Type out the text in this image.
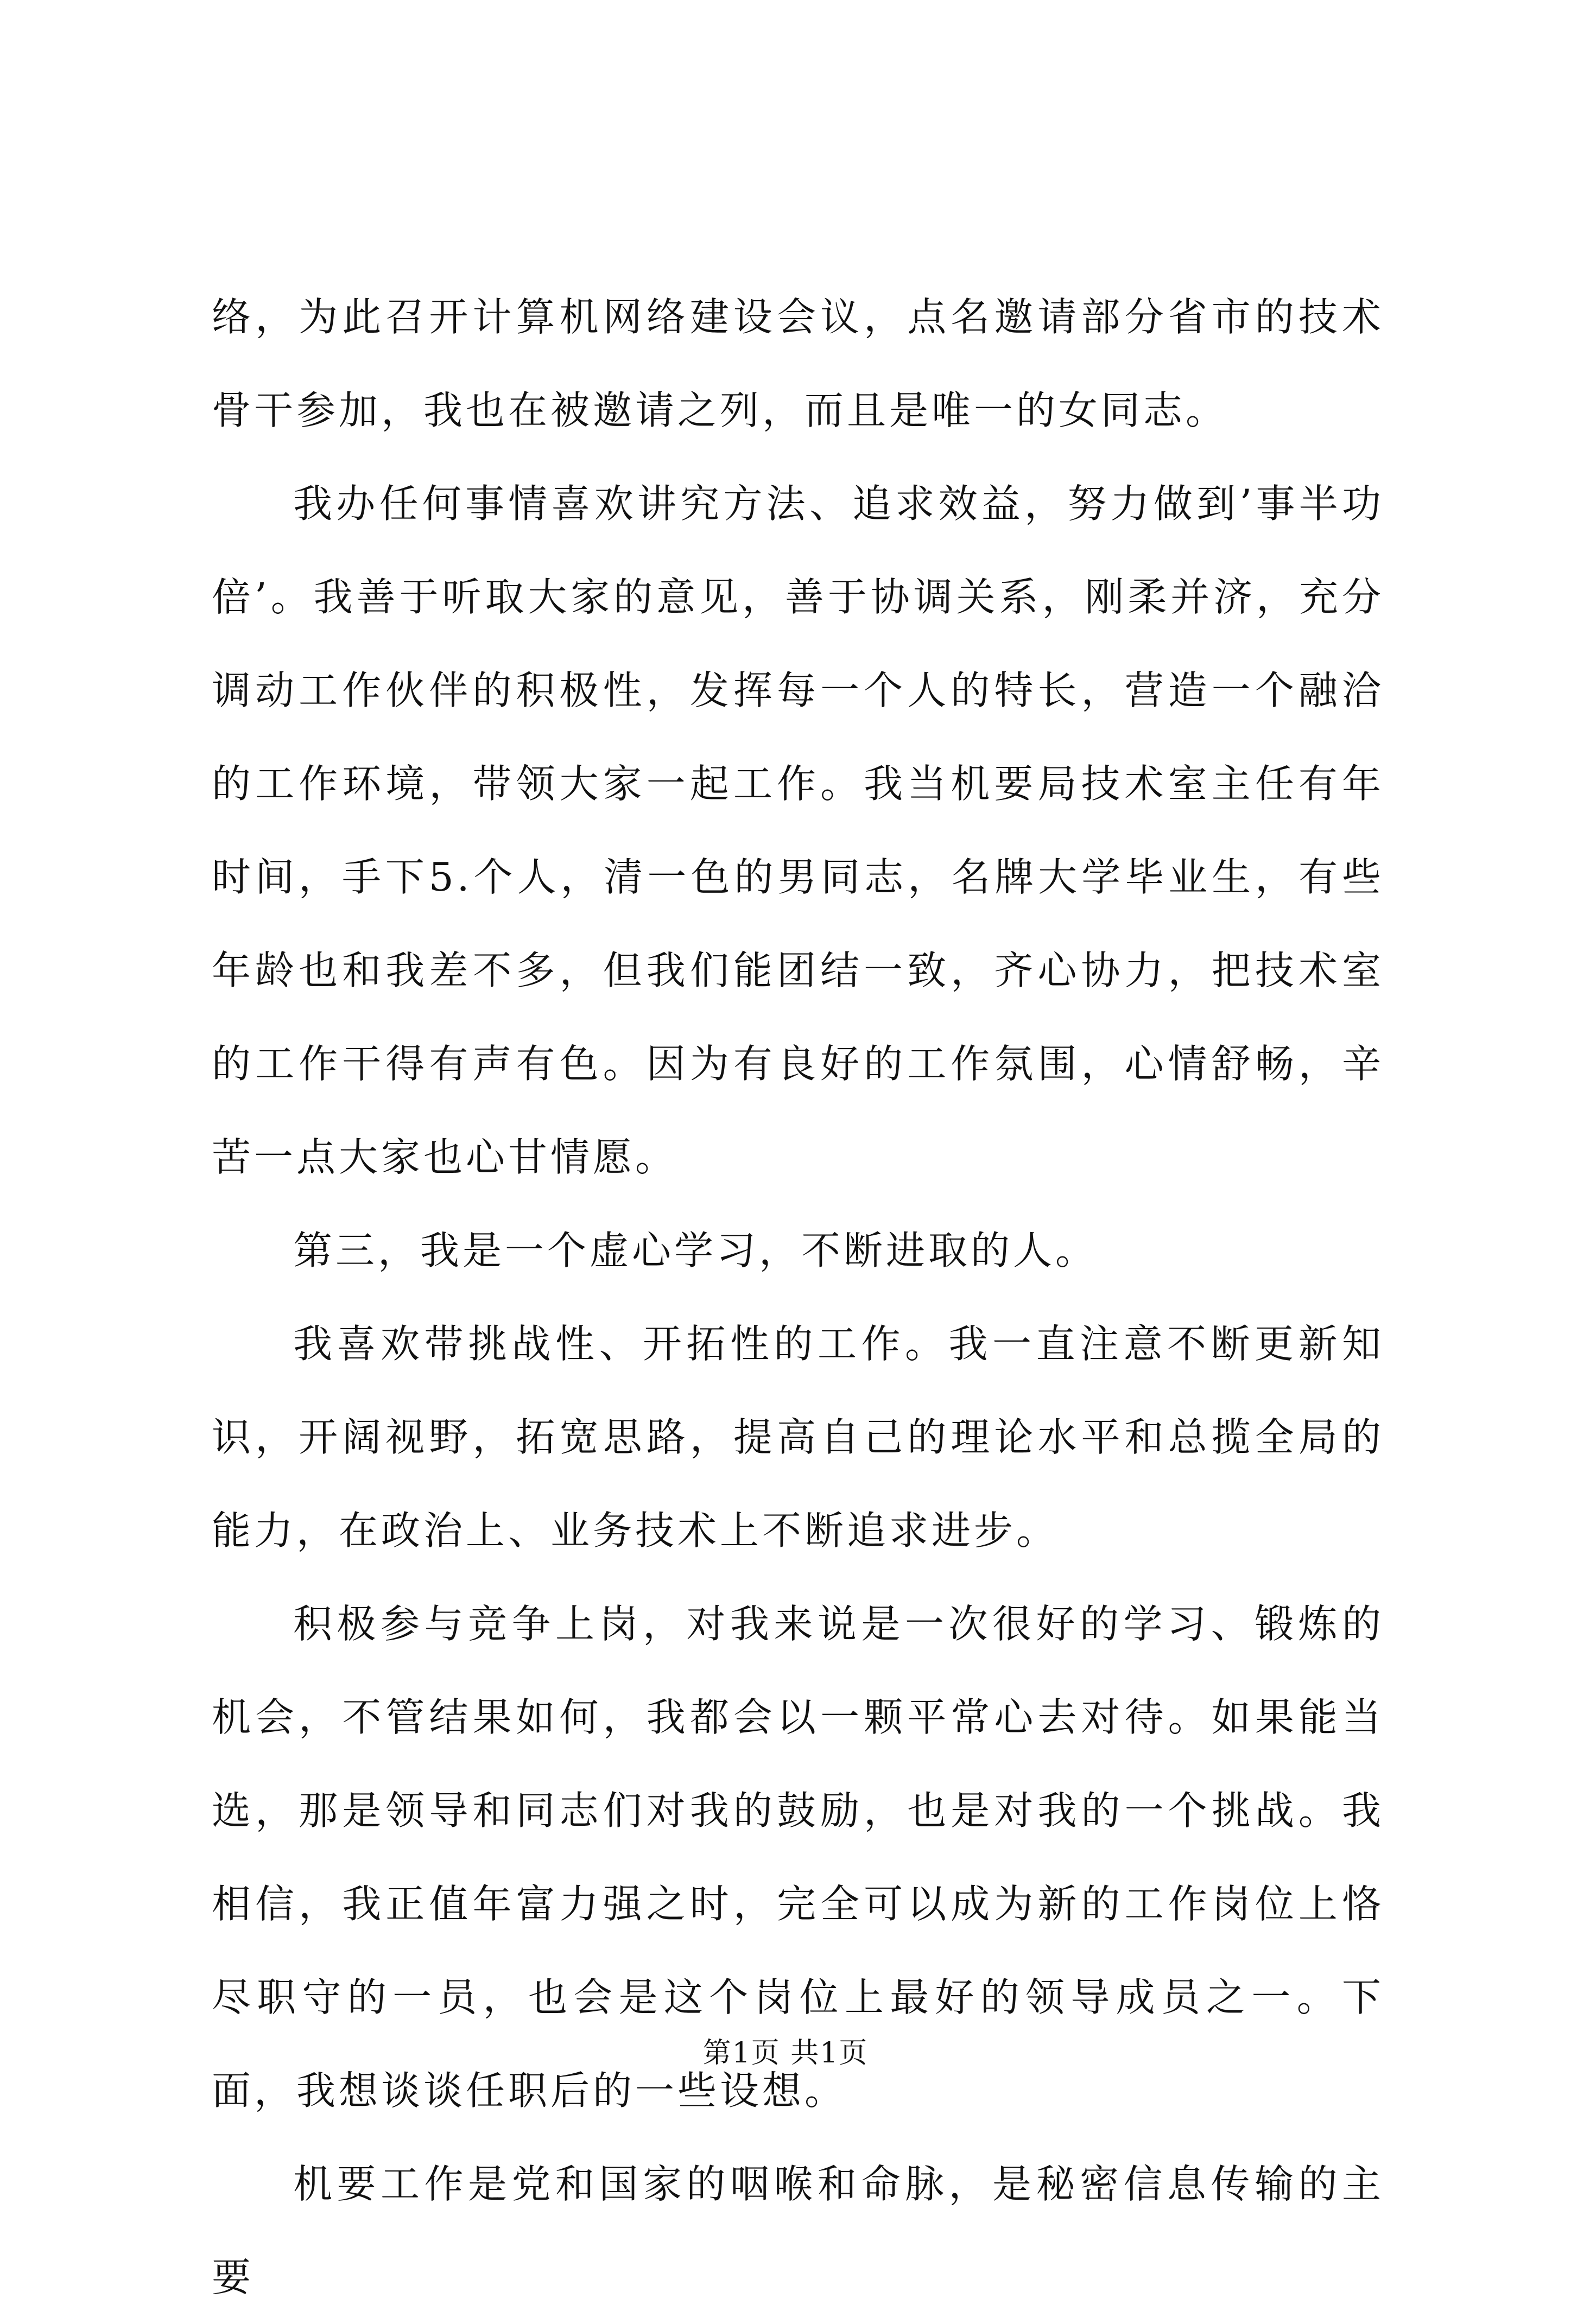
络，为此召开计算机网络建设会议，点名邀请部分省市的技术骨干参加，我也在被邀请之列，而且是唯一的女同志。

我办任何事情喜欢讲究方法、追求效益，努力做到’事半功倍’。我善于听取大家的意见，善于协调关系，刚柔并济，充分调动工作伙伴的积极性，发挥每一个人的特长，营造一个融洽的工作环境，带领大家一起工作。我当机要局技术室主任有年时间，手下5.个人，清一色的男同志，名牌大学毕业生，有些年龄也和我差不多，但我们能团结一致，齐心协力，把技术室的工作干得有声有色。因为有良好的工作氛围，心情舒畅，辛苦一点大家也心甘情愿。

第三，我是一个虚心学习，不断进取的人。

我喜欢带挑战性、开拓性的工作。我一直注意不断更新知识，开阔视野，拓宽思路，提高自己的理论水平和总揽全局的能力，在政治上、业务技术上不断追求进步。

积极参与竞争上岗，对我来说是一次很好的学习、锻炼的机会，不管结果如何，我都会以一颗平常心去对待。如果能当选，那是领导和同志们对我的鼓励，也是对我的一个挑战。我相信，我正值年富力强之时，完全可以成为新的工作岗位上恪尽职守的一员，也会是这个岗位上最好的领导成员之一。下面，我想谈谈任职后的一些设想。

机要工作是党和国家的咽喉和命脉，是秘密信息传输的主要

第1页 共1页
